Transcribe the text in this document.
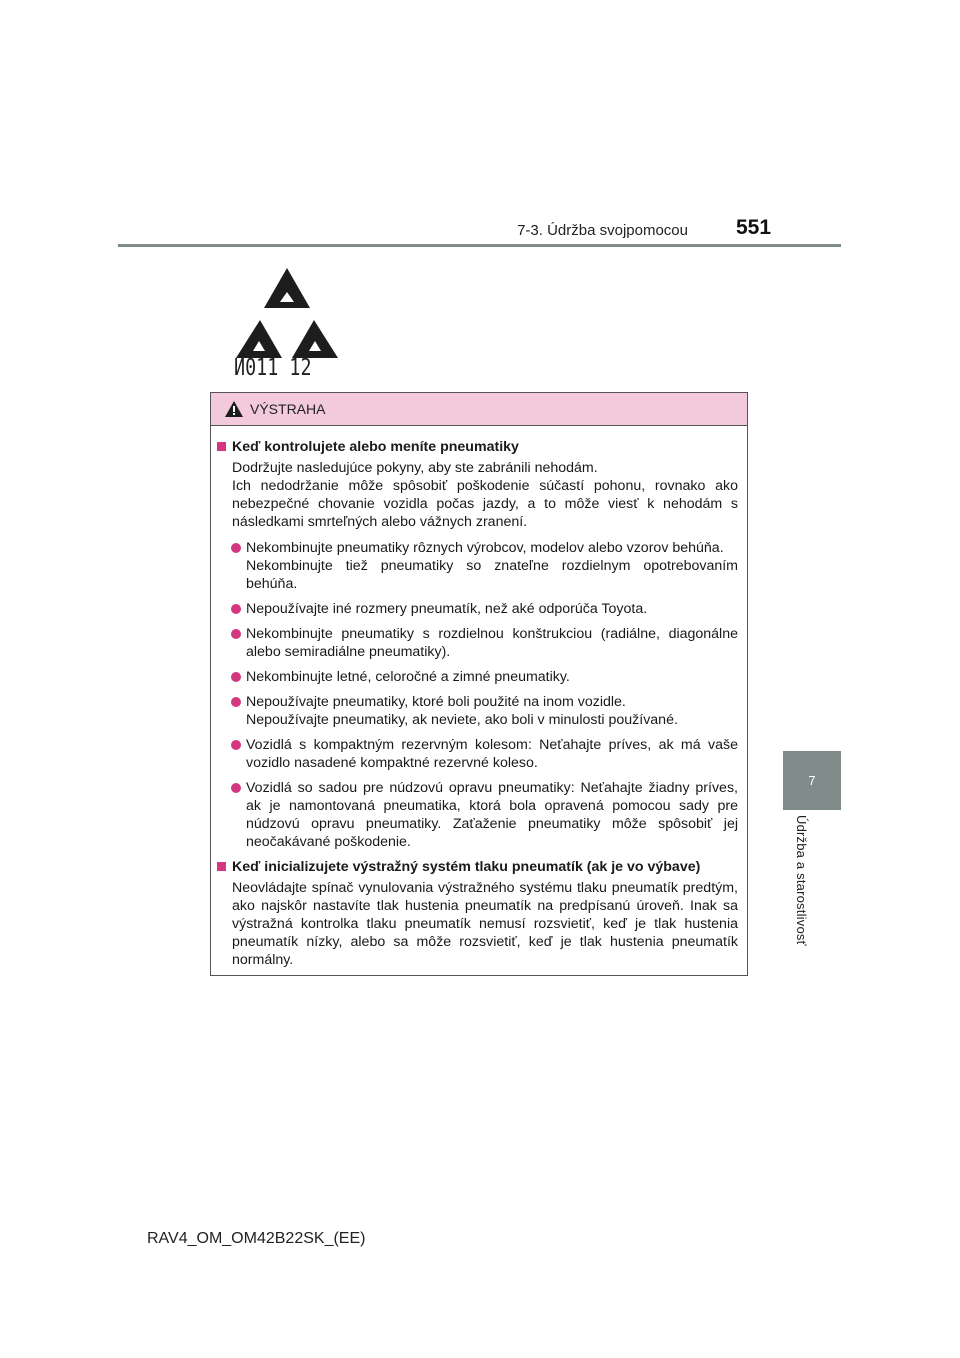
7-3. Údržba svojpomocou 551
7
Údržba a starostlivosť
И011 12
VÝSTRAHA
Keď kontrolujete alebo meníte pneumatiky
Dodržujte nasledujúce pokyny, aby ste zabránili nehodám.
Ich nedodržanie môže spôsobiť poškodenie súčastí pohonu, rovnako ako nebezpečné chovanie vozidla počas jazdy, a to môže viesť k nehodám s následkami smrteľných alebo vážnych zranení.
Nekombinujte pneumatiky rôznych výrobcov, modelov alebo vzorov behúňa.
Nekombinujte tiež pneumatiky so znateľne rozdielnym opotrebovaním behúňa.
Nepoužívajte iné rozmery pneumatík, než aké odporúča Toyota.
Nekombinujte pneumatiky s rozdielnou konštrukciou (radiálne, diagonálne alebo semiradiálne pneumatiky).
Nekombinujte letné, celoročné a zimné pneumatiky.
Nepoužívajte pneumatiky, ktoré boli použité na inom vozidle.
Nepoužívajte pneumatiky, ak neviete, ako boli v minulosti používané.
Vozidlá s kompaktným rezervným kolesom: Neťahajte príves, ak má vaše vozidlo nasadené kompaktné rezervné koleso.
Vozidlá so sadou pre núdzovú opravu pneumatiky: Neťahajte žiadny príves, ak je namontovaná pneumatika, ktorá bola opravená pomocou sady pre núdzovú opravu pneumatiky. Zaťaženie pneumatiky môže spôsobiť jej neočakávané poškodenie.
Keď inicializujete výstražný systém tlaku pneumatík (ak je vo výbave)
Neovládajte spínač vynulovania výstražného systému tlaku pneumatík predtým, ako najskôr nastavíte tlak hustenia pneumatík na predpísanú úroveň. Inak sa výstražná kontrolka tlaku pneumatík nemusí rozsvietiť, keď je tlak hustenia pneumatík nízky, alebo sa môže rozsvietiť, keď je tlak hustenia pneumatík normálny.
RAV4_OM_OM42B22SK_(EE)
